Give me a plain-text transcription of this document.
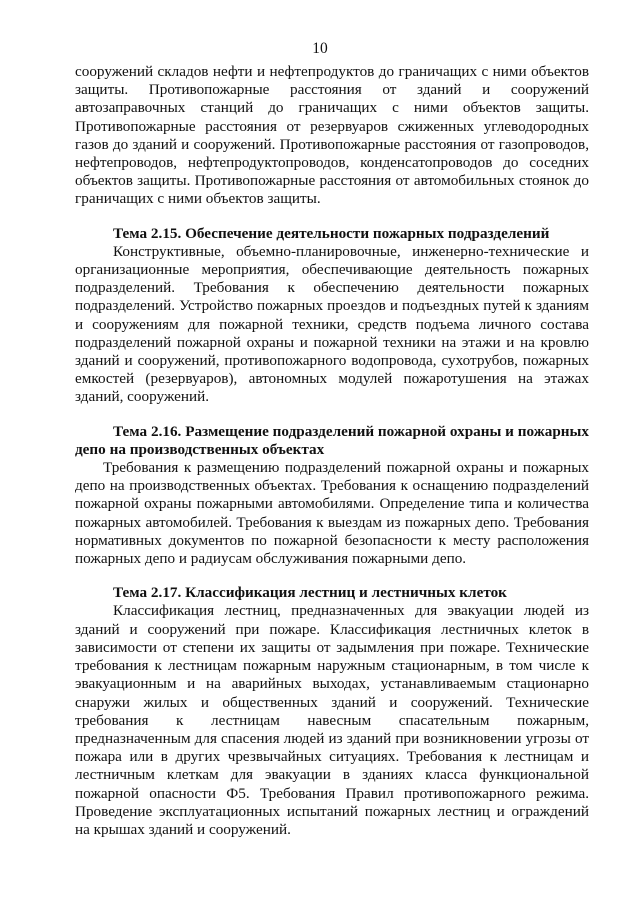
10

сооружений складов нефти и нефтепродуктов до граничащих с ними объектов защиты. Противопожарные расстояния от зданий и сооружений автозаправочных станций до граничащих с ними объектов защиты. Противопожарные расстояния от резервуаров сжиженных углеводородных газов до зданий и сооружений. Противопожарные расстояния от газопроводов, нефтепроводов, нефтепродуктопроводов, конденсатопроводов до соседних объектов защиты. Противопожарные расстояния от автомобильных стоянок до граничащих с ними объектов защиты.

Тема 2.15. Обеспечение деятельности пожарных подразделений

Конструктивные, объемно-планировочные, инженерно-технические и организационные мероприятия, обеспечивающие деятельность пожарных подразделений. Требования к обеспечению деятельности пожарных подразделений. Устройство пожарных проездов и подъездных путей к зданиям и сооружениям для пожарной техники, средств подъема личного состава подразделений пожарной охраны и пожарной техники на этажи и на кровлю зданий и сооружений, противопожарного водопровода, сухотрубов, пожарных емкостей (резервуаров), автономных модулей пожаротушения на этажах зданий, сооружений.

Тема 2.16. Размещение подразделений пожарной охраны и пожарных депо на производственных объектах

Требования к размещению подразделений пожарной охраны и пожарных депо на производственных объектах. Требования к оснащению подразделений пожарной охраны пожарными автомобилями. Определение типа и количества пожарных автомобилей. Требования к выездам из пожарных депо. Требования нормативных документов по пожарной безопасности к месту расположения пожарных депо и радиусам обслуживания пожарными депо.

Тема 2.17. Классификация лестниц и лестничных клеток

Классификация лестниц, предназначенных для эвакуации людей из зданий и сооружений при пожаре. Классификация лестничных клеток в зависимости от степени их защиты от задымления при пожаре. Технические требования к лестницам пожарным наружным стационарным, в том числе к эвакуационным и на аварийных выходах, устанавливаемым стационарно снаружи жилых и общественных зданий и сооружений. Технические требования к лестницам навесным спасательным пожарным, предназначенным для спасения людей из зданий при возникновении угрозы от пожара или в других чрезвычайных ситуациях. Требования к лестницам и лестничным клеткам для эвакуации в зданиях класса функциональной пожарной опасности Ф5. Требования Правил противопожарного режима. Проведение эксплуатационных испытаний пожарных лестниц и ограждений на крышах зданий и сооружений.
